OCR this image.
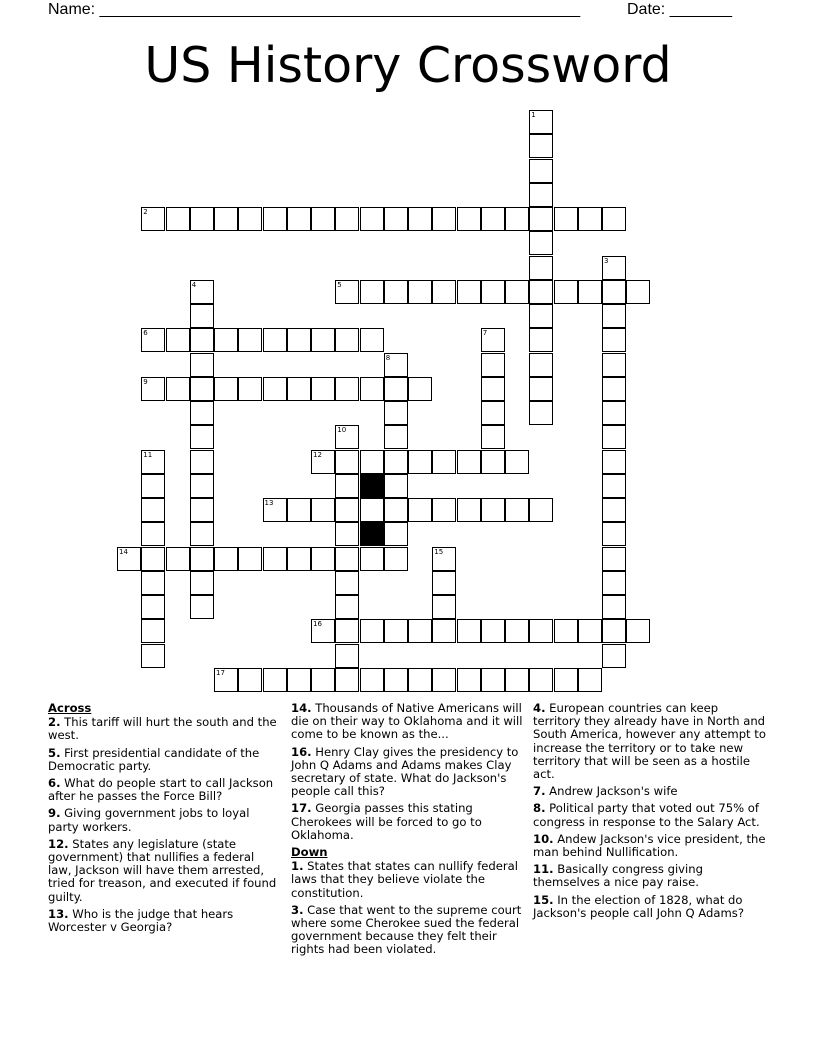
Name: ______________________________________________________	Date: _______
US History Crossword
1
2
3
4	5
6	7
8
9
10
11	12
13
14	15
16
17
Across

2. This tariff will hurt the south and the west.

5. First presidential candidate of the Democratic party.

6. What do people start to call Jackson after he passes the Force Bill?

9. Giving government jobs to loyal party workers.

12. States any legislature (state government) that nullifies a federal law, Jackson will have them arrested, tried for treason, and executed if found guilty.

13. Who is the judge that hears Worcester v Georgia?

14. Thousands of Native Americans will die on their way to Oklahoma and it will come to be known as the...

16. Henry Clay gives the presidency to John Q Adams and Adams makes Clay secretary of state. What do Jackson's people call this?

17. Georgia passes this stating Cherokees will be forced to go to Oklahoma.

Down

1. States that states can nullify federal laws that they believe violate the constitution.

3. Case that went to the supreme court where some Cherokee sued the federal government because they felt their rights had been violated.

4. European countries can keep territory they already have in North and South America, however any attempt to increase the territory or to take new territory that will be seen as a hostile act.

7. Andrew Jackson's wife

8. Political party that voted out 75% of congress in response to the Salary Act.

10. Andew Jackson's vice president, the man behind Nullification.

11. Basically congress giving themselves a nice pay raise.

15. In the election of 1828, what do Jackson's people call John Q Adams?
